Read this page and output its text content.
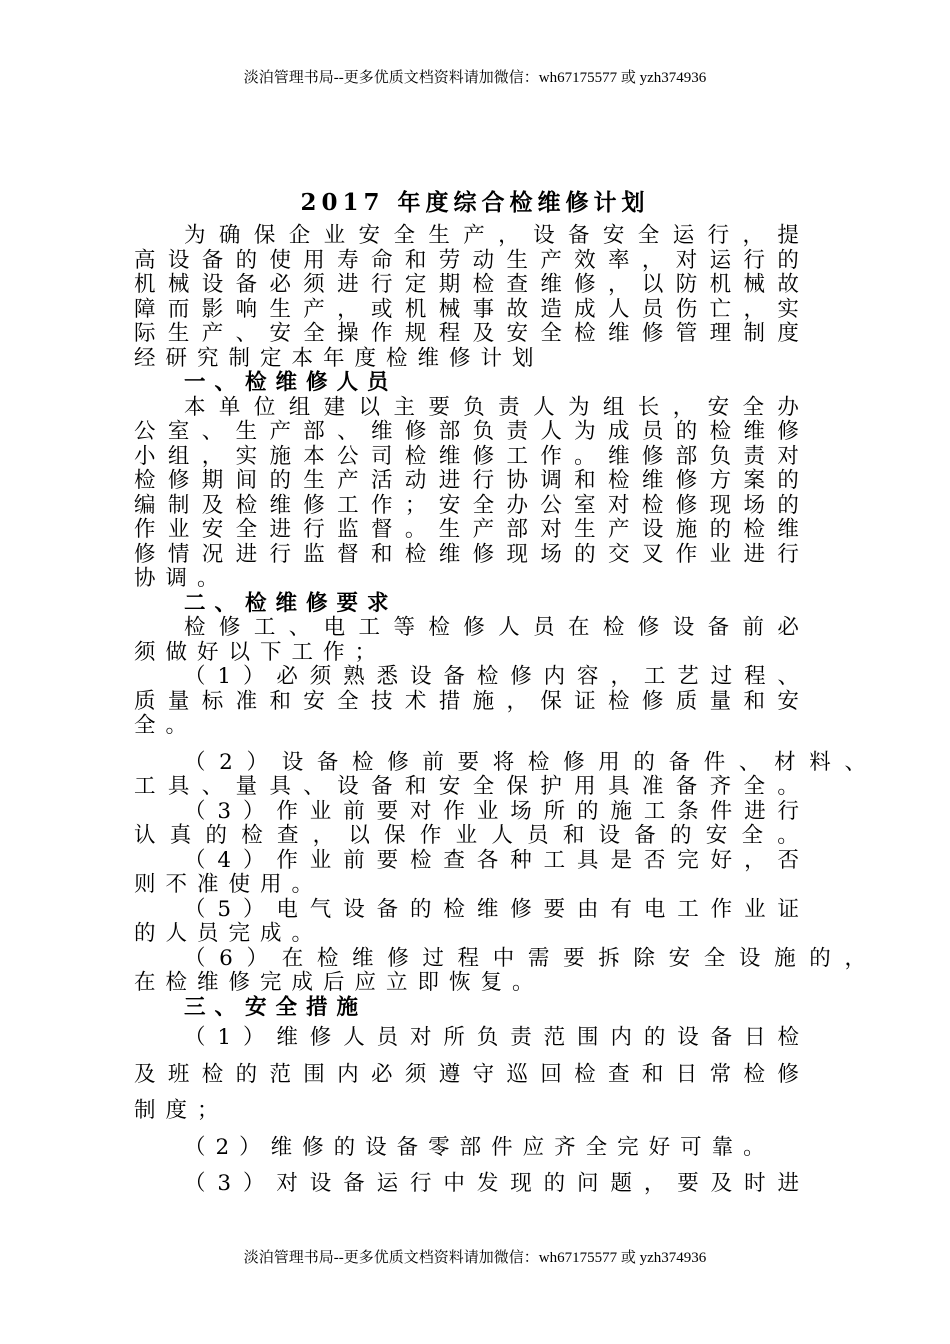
淡泊管理书局--更多优质文档资料请加微信：wh67175577 或 yzh374936
2017 年度综合检维修计划
为 确 保 企 业 安 全 生 产 ， 设 备 安 全 运 行 ， 提
高 设 备 的 使 用 寿 命 和 劳 动 生 产 效 率 ， 对 运 行 的
机 械 设 备 必 须 进 行 定 期 检 查 维 修 ， 以 防 机 械 故
障 而 影 响 生 产 ， 或 机 械 事 故 造 成 人 员 伤 亡 ， 实
际 生 产 、 安 全 操 作 规 程 及 安 全 检 维 修 管 理 制 度
经研究制定本年度检维修计划
一、检维修人员
本 单 位 组 建 以 主 要 负 责 人 为 组 长 ， 安 全 办
公 室 、 生 产 部 、 维 修 部 负 责 人 为 成 员 的 检 维 修
小 组 ， 实 施 本 公 司 检 维 修 工 作 。 维 修 部 负 责 对
检 修 期 间 的 生 产 活 动 进 行 协 调 和 检 维 修 方 案 的
编 制 及 检 维 修 工 作 ； 安 全 办 公 室 对 检 修 现 场 的
作 业 安 全 进 行 监 督 。 生 产 部 对 生 产 设 施 的 检 维
修 情 况 进 行 监 督 和 检 维 修 现 场 的 交 叉 作 业 进 行
协调。
二、检维修要求
检 修 工 、 电 工 等 检 修 人 员 在 检 修 设 备 前 必
须做好以下工作；
（ 1 ） 必 须 熟 悉 设 备 检 修 内 容 ， 工 艺 过 程 、
质 量 标 准 和 安 全 技 术 措 施 ， 保 证 检 修 质 量 和 安
全。
（ 2 ） 设 备 检 修 前 要 将 检 修 用 的 备 件 、 材 料 、
工 具 、 量 具 、 设 备 和 安 全 保 护 用 具 准 备 齐 全 。
（ 3 ） 作 业 前 要 对 作 业 场 所 的 施 工 条 件 进 行
认 真 的 检 查 ， 以 保 作 业 人 员 和 设 备 的 安 全 。
（ 4 ） 作 业 前 要 检 查 各 种 工 具 是 否 完 好 ， 否
则不准使用。
（ 5 ） 电 气 设 备 的 检 维 修 要 由 有 电 工 作 业 证
的人员完成。
（ 6 ） 在 检 维 修 过 程 中 需 要 拆 除 安 全 设 施 的 ，
在检维修完成后应立即恢复。
三、安全措施
（ 1 ） 维 修 人 员 对 所 负 责 范 围 内 的 设 备 日 检
及 班 检 的 范 围 内 必 须 遵 守 巡 回 检 查 和 日 常 检 修
制度；
（2）维修的设备零部件应齐全完好可靠。
（ 3 ） 对 设 备 运 行 中 发 现 的 问 题 ， 要 及 时 进
淡泊管理书局--更多优质文档资料请加微信：wh67175577 或 yzh374936
